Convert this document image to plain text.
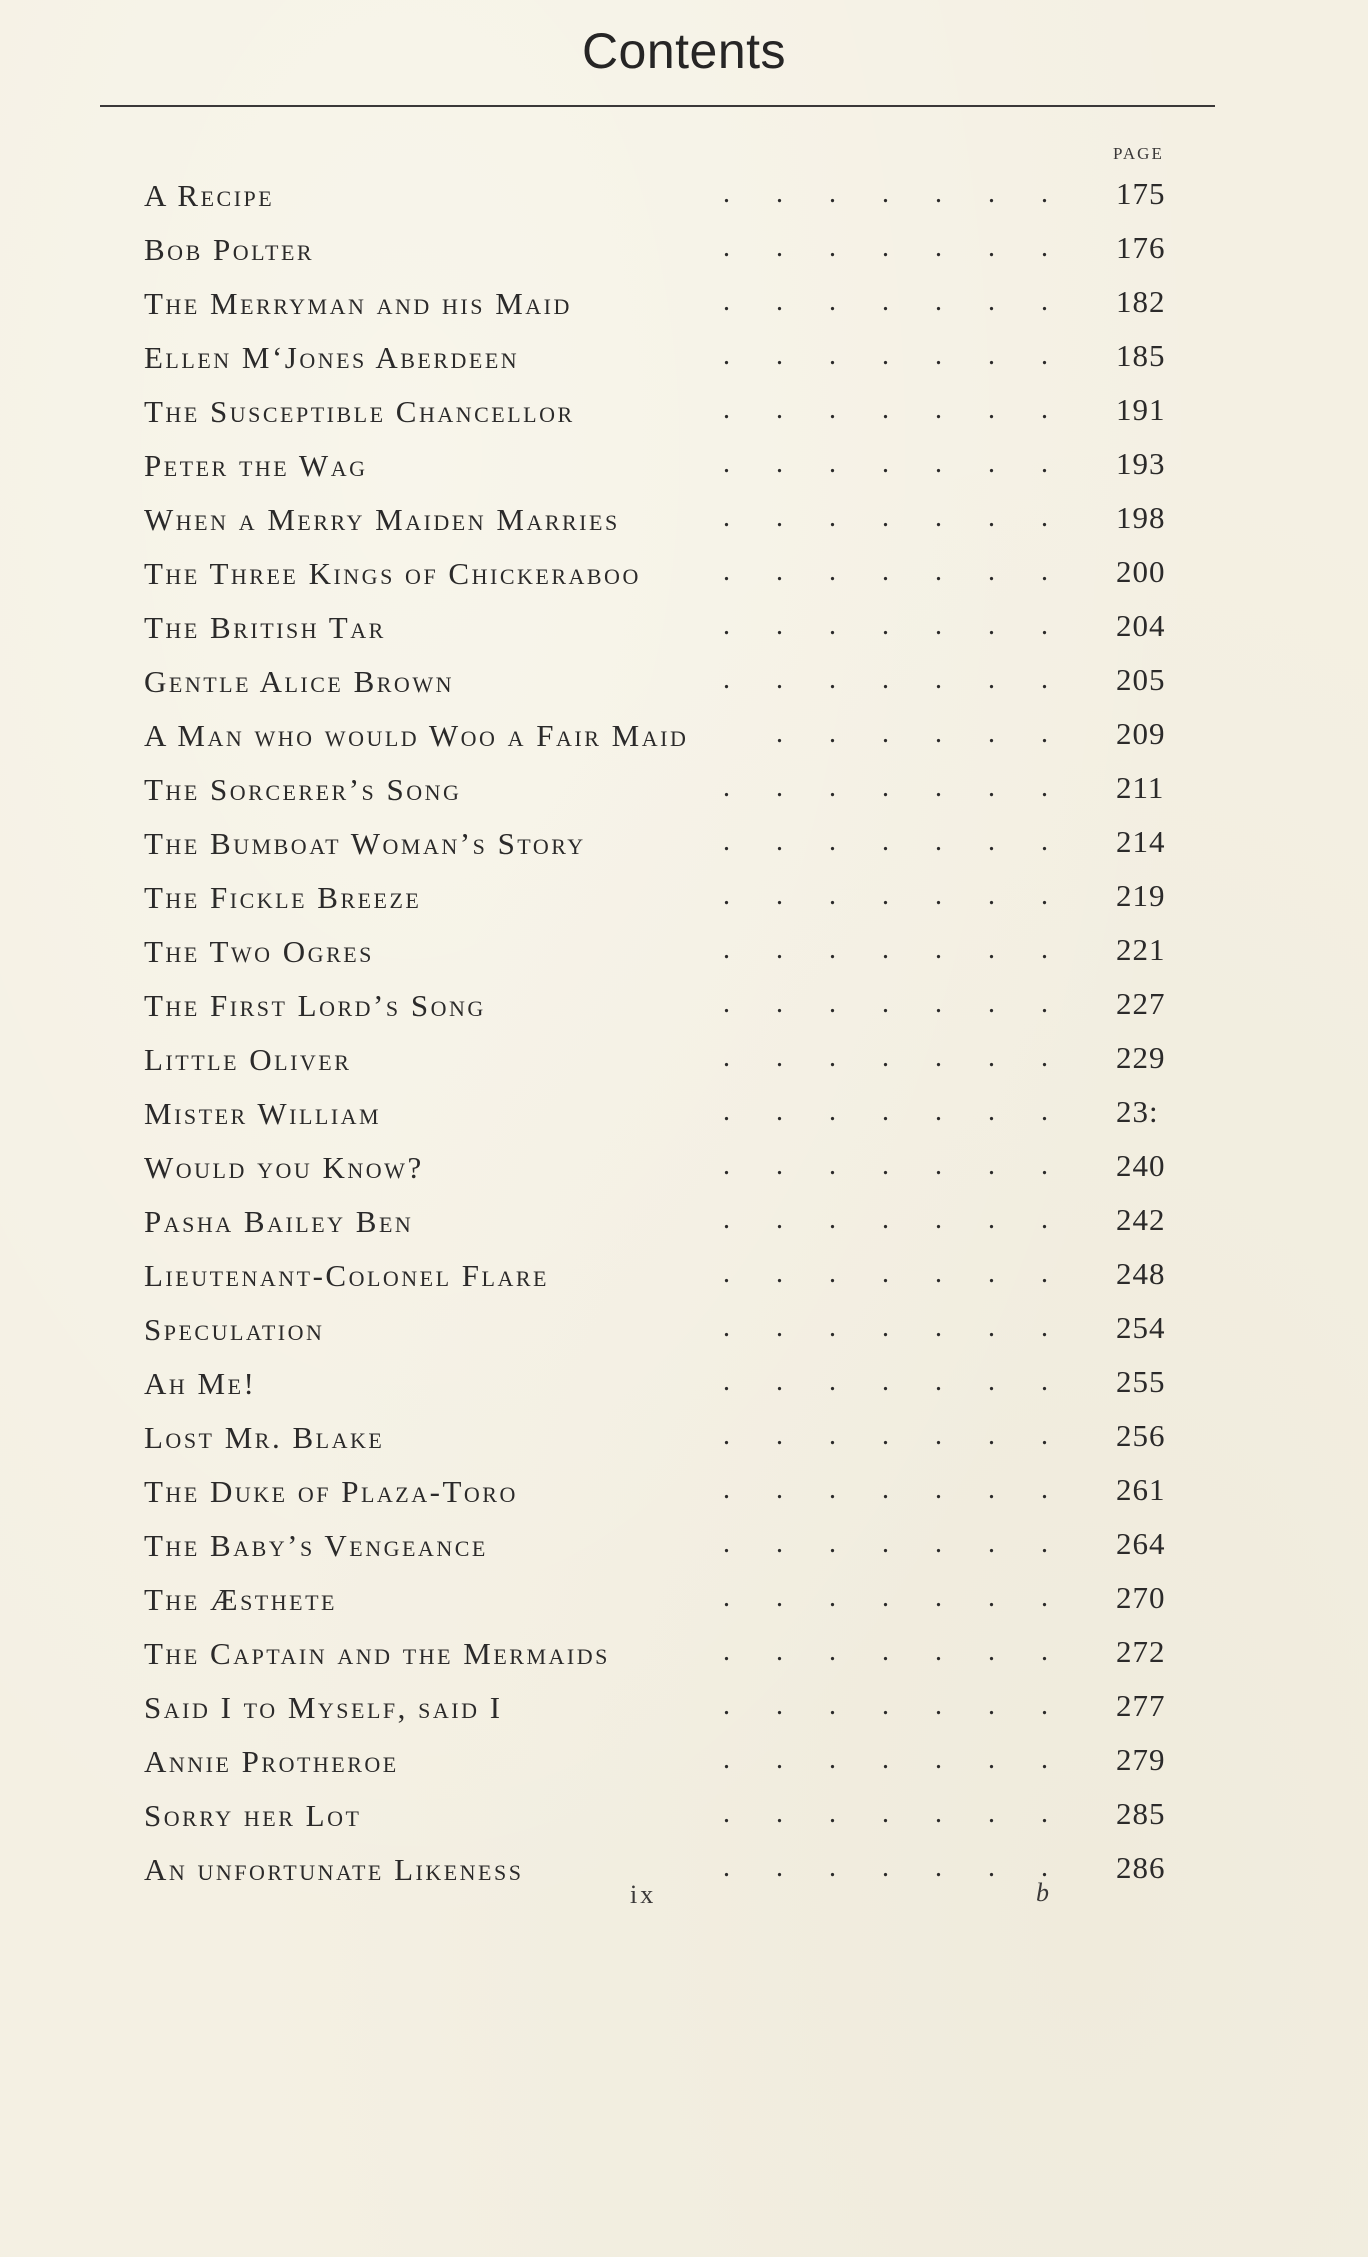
Contents
PAGE
A Recipe	. . . . . . .	175
Bob Polter	. . . . . . .	176
The Merryman and his Maid	. . . . . . .	182
Ellen M‘Jones Aberdeen	. . . . . . .	185
The Susceptible Chancellor	. . . . . . .	191
Peter the Wag	. . . . . . .	193
When a Merry Maiden Marries	. . . . . . .	198
The Three Kings of Chickeraboo	. . . . . . .	200
The British Tar	. . . . . . .	204
Gentle Alice Brown	. . . . . . .	205
A Man who would Woo a Fair Maid	. . . . . .	209
The Sorcerer’s Song	. . . . . . .	211
The Bumboat Woman’s Story	. . . . . . .	214
The Fickle Breeze	. . . . . . .	219
The Two Ogres	. . . . . . .	221
The First Lord’s Song	. . . . . . .	227
Little Oliver	. . . . . . .	229
Mister William	. . . . . . .	23:
Would you Know?	. . . . . . .	240
Pasha Bailey Ben	. . . . . . .	242
Lieutenant-Colonel Flare	. . . . . . .	248
Speculation	. . . . . . .	254
Ah Me!	. . . . . . .	255
Lost Mr. Blake	. . . . . . .	256
The Duke of Plaza-Toro	. . . . . . .	261
The Baby’s Vengeance	. . . . . . .	264
The Æsthete	. . . . . . .	270
The Captain and the Mermaids	. . . . . . .	272
Said I to Myself, said I	. . . . . . .	277
Annie Protheroe	. . . . . . .	279
Sorry her Lot	. . . . . . .	285
An unfortunate Likeness	. . . . . . .	286
ix	b
